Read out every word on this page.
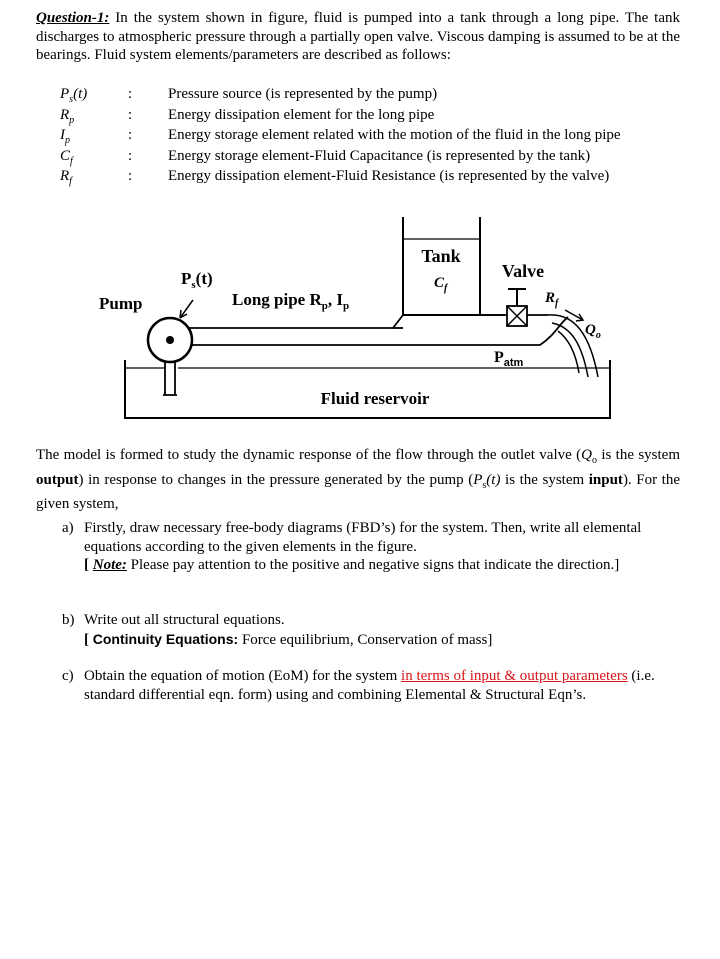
Question-1: In the system shown in figure, fluid is pumped into a tank through a long pipe. The tank discharges to atmospheric pressure through a partially open valve. Viscous damping is assumed to be at the bearings. Fluid system elements/parameters are described as follows:
$P_s(t)$	: Pressure source (is represented by the pump)
$R_p$	: Energy dissipation element for the long pipe
$I_p$	: Energy storage element related with the motion of the fluid in the long pipe
$C_f$	: Energy storage element-Fluid Capacitance (is represented by the tank)
$R_f$	: Energy dissipation element-Fluid Resistance (is represented by the valve)
Tank
$C_f$
Valve
$R_f$
$P_s(t)$
Pump	Long pipe $R_p$, $I_p$
$Q_o$
$P_{atm}$
Fluid reservoir
The model is formed to study the dynamic response of the flow through the outlet valve ($Q_o$ is the system output) in response to changes in the pressure generated by the pump ($P_s(t)$ is the system input). For the given system,
a) Firstly, draw necessary free-body diagrams (FBD’s) for the system. Then, write all elemental equations according to the given elements in the figure.
[ Note: Please pay attention to the positive and negative signs that indicate the direction.]
b) Write out all structural equations.
[ Continuity Equations: Force equilibrium, Conservation of mass]
c) Obtain the equation of motion (EoM) for the system in terms of input & output parameters (i.e. standard differential eqn. form) using and combining Elemental & Structural Eqn’s.
